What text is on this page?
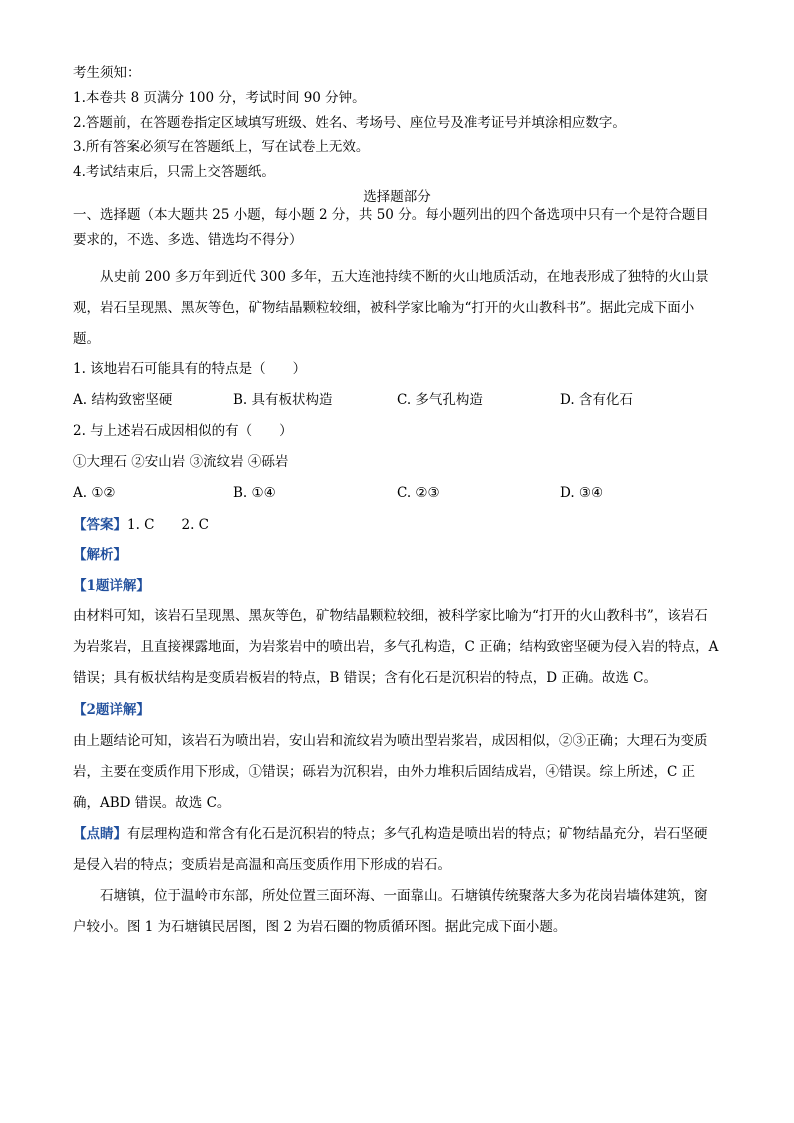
考生须知：
1.本卷共 8 页满分 100 分，考试时间 90 分钟。
2.答题前，在答题卷指定区域填写班级、姓名、考场号、座位号及准考证号并填涂相应数字。
3.所有答案必须写在答题纸上，写在试卷上无效。
4.考试结束后，只需上交答题纸。
选择题部分
一、选择题（本大题共 25 小题，每小题 2 分，共 50 分。每小题列出的四个备选项中只有一个是符合题目要求的，不选、多选、错选均不得分）
从史前 200 多万年到近代 300 多年，五大连池持续不断的火山地质活动，在地表形成了独特的火山景观，岩石呈现黑、黑灰等色，矿物结晶颗粒较细，被科学家比喻为“打开的火山教科书”。据此完成下面小题。
1. 该地岩石可能具有的特点是（　　）
A. 结构致密坚硬	B. 具有板状构造	C. 多气孔构造	D. 含有化石
2. 与上述岩石成因相似的有（　　）
①大理石 ②安山岩 ③流纹岩 ④砾岩
A. ①②	B. ①④	C. ②③	D. ③④
【答案】1. C　　2. C
【解析】
【1题详解】
由材料可知，该岩石呈现黑、黑灰等色，矿物结晶颗粒较细，被科学家比喻为“打开的火山教科书”，该岩石为岩浆岩，且直接裸露地面，为岩浆岩中的喷出岩，多气孔构造，C 正确；结构致密坚硬为侵入岩的特点，A 错误；具有板状结构是变质岩板岩的特点，B 错误；含有化石是沉积岩的特点，D 正确。故选 C。
【2题详解】
由上题结论可知，该岩石为喷出岩，安山岩和流纹岩为喷出型岩浆岩，成因相似，②③正确；大理石为变质岩，主要在变质作用下形成，①错误；砾岩为沉积岩，由外力堆积后固结成岩，④错误。综上所述，C 正确，ABD 错误。故选 C。
【点睛】有层理构造和常含有化石是沉积岩的特点；多气孔构造是喷出岩的特点；矿物结晶充分，岩石坚硬是侵入岩的特点；变质岩是高温和高压变质作用下形成的岩石。
石塘镇，位于温岭市东部，所处位置三面环海、一面靠山。石塘镇传统聚落大多为花岗岩墙体建筑，窗户较小。图 1 为石塘镇民居图，图 2 为岩石圈的物质循环图。据此完成下面小题。
